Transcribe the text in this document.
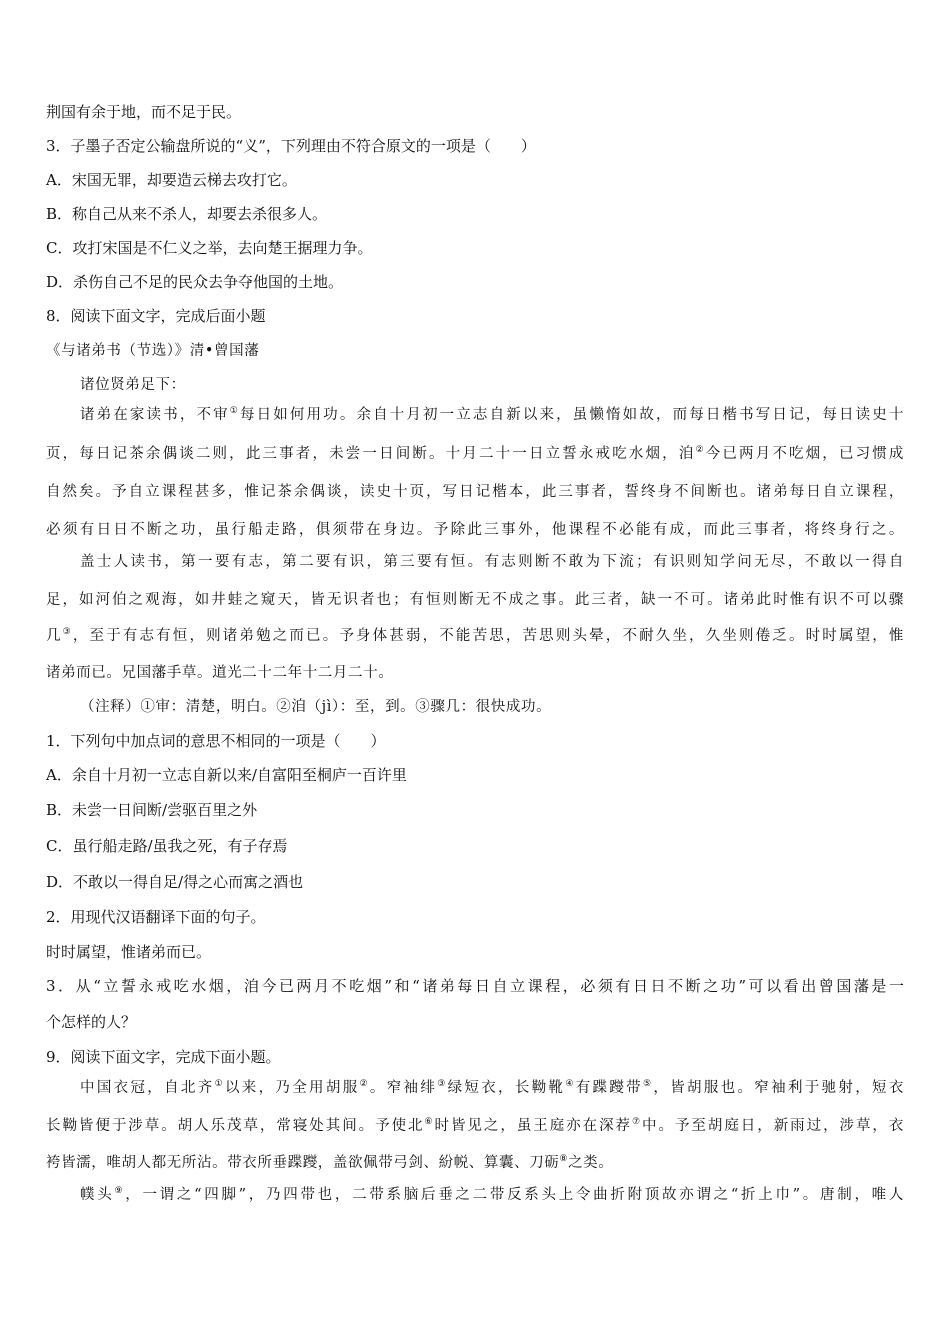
荆国有余于地，而不足于民。
3．子墨子否定公输盘所说的“义”，下列理由不符合原文的一项是（　　）
A．宋国无罪，却要造云梯去攻打它。
B．称自己从来不杀人，却要去杀很多人。
C．攻打宋国是不仁义之举，去向楚王据理力争。
D．杀伤自己不足的民众去争夺他国的土地。
8．阅读下面文字，完成后面小题
《与诸弟书（节选）》清•曾国藩
诸位贤弟足下：
诸弟在家读书，不审①每日如何用功。余自十月初一立志自新以来，虽懒惰如故，而每日楷书写日记，每日读史十
页，每日记茶余偶谈二则，此三事者，未尝一日间断。十月二十一日立誓永戒吃水烟，洎②今已两月不吃烟，已习惯成
自然矣。予自立课程甚多，惟记茶余偶谈，读史十页，写日记楷本，此三事者，誓终身不间断也。诸弟每日自立课程，
必须有日日不断之功，虽行船走路，俱须带在身边。予除此三事外，他课程不必能有成，而此三事者，将终身行之。
盖士人读书，第一要有志，第二要有识，第三要有恒。有志则断不敢为下流；有识则知学问无尽，不敢以一得自
足，如河伯之观海，如井蛙之窥天，皆无识者也；有恒则断无不成之事。此三者，缺一不可。诸弟此时惟有识不可以骤
几③，至于有志有恒，则诸弟勉之而已。予身体甚弱，不能苦思，苦思则头晕，不耐久坐，久坐则倦乏。时时属望，惟
诸弟而已。兄国藩手草。道光二十二年十二月二十。
（注释）①审：清楚，明白。②洎（jì）：至，到。③骤几：很快成功。
1．下列句中加点词的意思不相同的一项是（　　）
A．余自十月初一立志自新以来/自富阳至桐庐一百许里
B．未尝一日间断/尝驱百里之外
C．虽行船走路/虽我之死，有子存焉
D．不敢以一得自足/得之心而寓之酒也
2．用现代汉语翻译下面的句子。
时时属望，惟诸弟而已。
3．从“立誓永戒吃水烟，洎今已两月不吃烟”和“诸弟每日自立课程，必须有日日不断之功”可以看出曾国藩是一
个怎样的人？
9．阅读下面文字，完成下面小题。
中国衣冠，自北齐①以来，乃全用胡服②。窄袖绯③绿短衣，长靿靴④有蹀躞带⑤，皆胡服也。窄袖利于驰射，短衣
长靿皆便于涉草。胡人乐茂草，常寝处其间。予使北⑥时皆见之，虽王庭亦在深荐⑦中。予至胡庭日，新雨过，涉草，衣
袴皆濡，唯胡人都无所沾。带衣所垂蹀躞，盖欲佩带弓剑、紛帨、算囊、刀砺⑧之类。
幞头⑨，一谓之“四脚”，乃四带也，二带系脑后垂之二带反系头上令曲折附顶故亦谓之“折上巾”。唐制，唯人
